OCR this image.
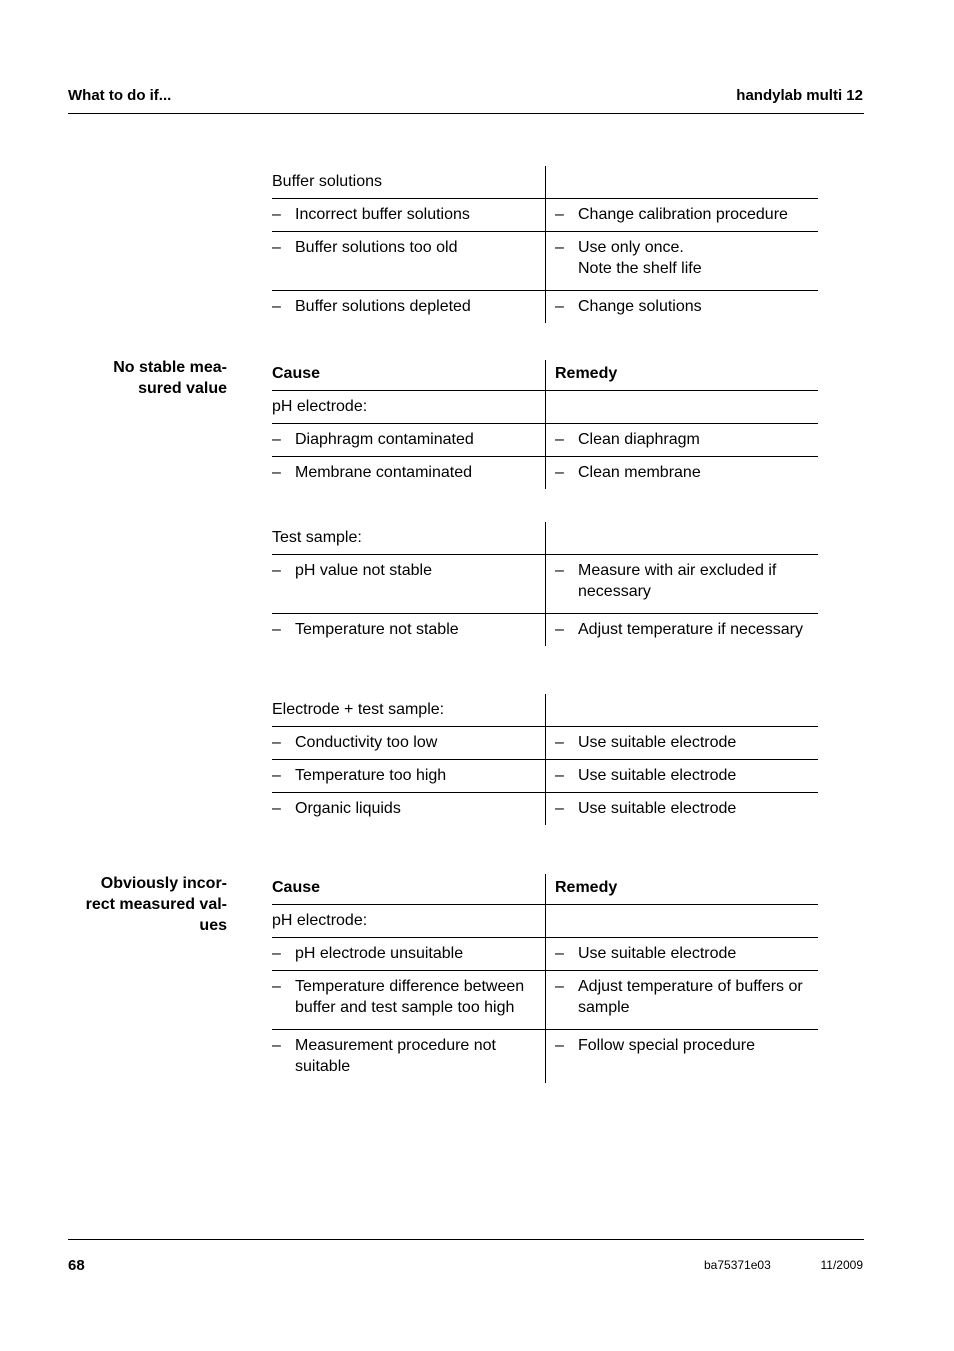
What to do if...	handylab multi 12
Buffer solutions	

– Incorrect buffer solutions	– Change calibration procedure

– Buffer solutions too old	– Use only once.
Note the shelf life

– Buffer solutions depleted	– Change solutions
No stable mea-
sured value
Cause	Remedy
pH electrode:	

– Diaphragm contaminated	– Clean diaphragm

– Membrane contaminated	– Clean membrane
Test sample:	

– pH value not stable	– Measure with air excluded if necessary

– Temperature not stable	– Adjust temperature if necessary
Electrode + test sample:	

– Conductivity too low	– Use suitable electrode

– Temperature too high	– Use suitable electrode

– Organic liquids	– Use suitable electrode
Obviously incor-
rect measured val-
ues
Cause	Remedy
pH electrode:	

– pH electrode unsuitable	– Use suitable electrode

– Temperature difference between buffer and test sample too high	– Adjust temperature of buffers or sample

– Measurement procedure not suitable	– Follow special procedure
68	ba75371e03	11/2009
